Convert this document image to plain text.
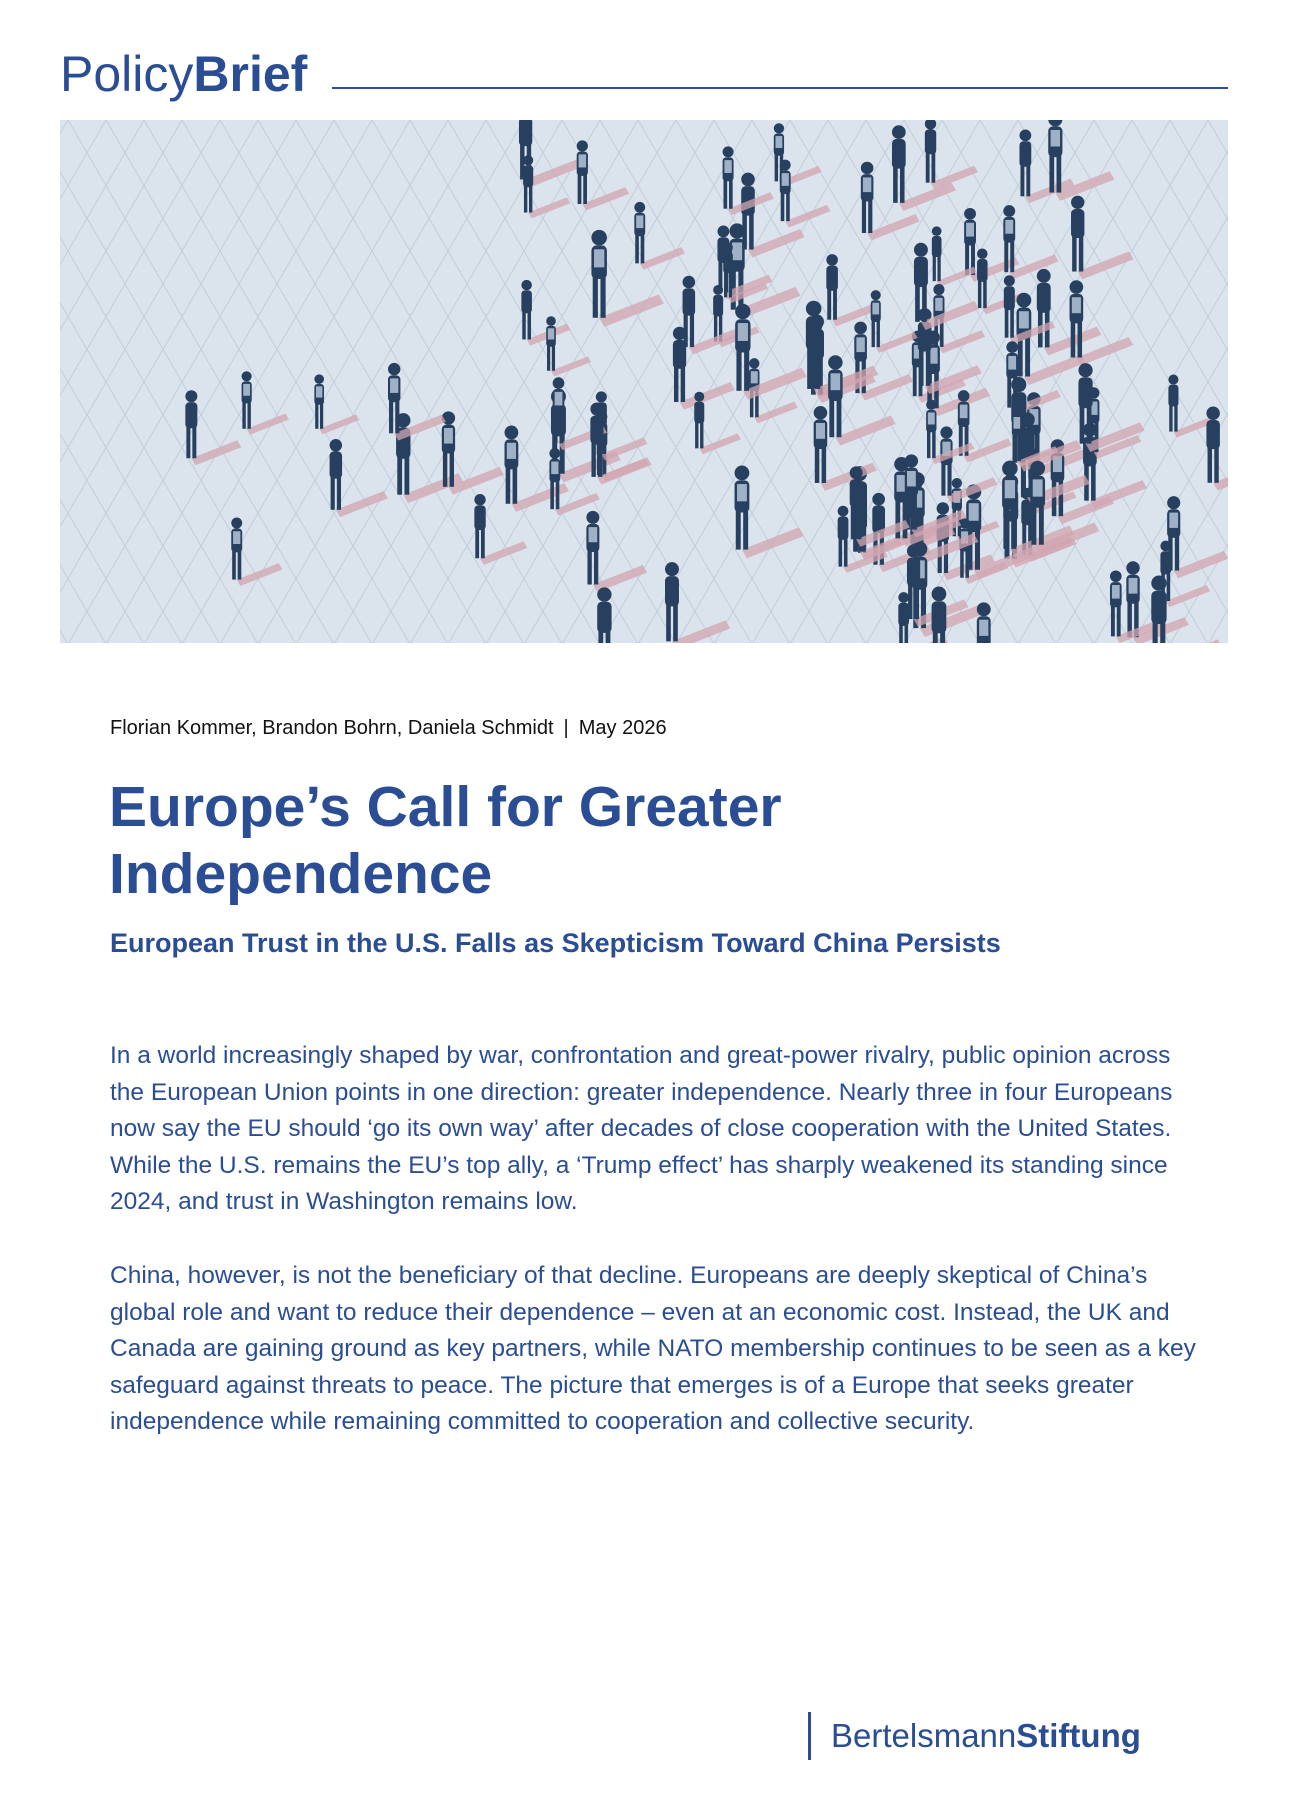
PolicyBrief
Florian Kommer, Brandon Bohrn, Daniela Schmidt | May 2026
Europe’s Call for Greater Independence
European Trust in the U.S. Falls as Skepticism Toward China Persists

In a world increasingly shaped by war, confrontation and great-power rivalry, public opinion across the European Union points in one direction: greater independence. Nearly three in four Europeans now say the EU should ‘go its own way’ after decades of close cooperation with the United States. While the U.S. remains the EU’s top ally, a ‘Trump effect’ has sharply weakened its standing since 2024, and trust in Washington remains low.

China, however, is not the beneficiary of that decline. Europeans are deeply skeptical of China’s global role and want to reduce their dependence – even at an economic cost. Instead, the UK and Canada are gaining ground as key partners, while NATO membership continues to be seen as a key safeguard against threats to peace. The picture that emerges is of a Europe that seeks greater independence while remaining committed to cooperation and collective security.

BertelsmannStiftung
